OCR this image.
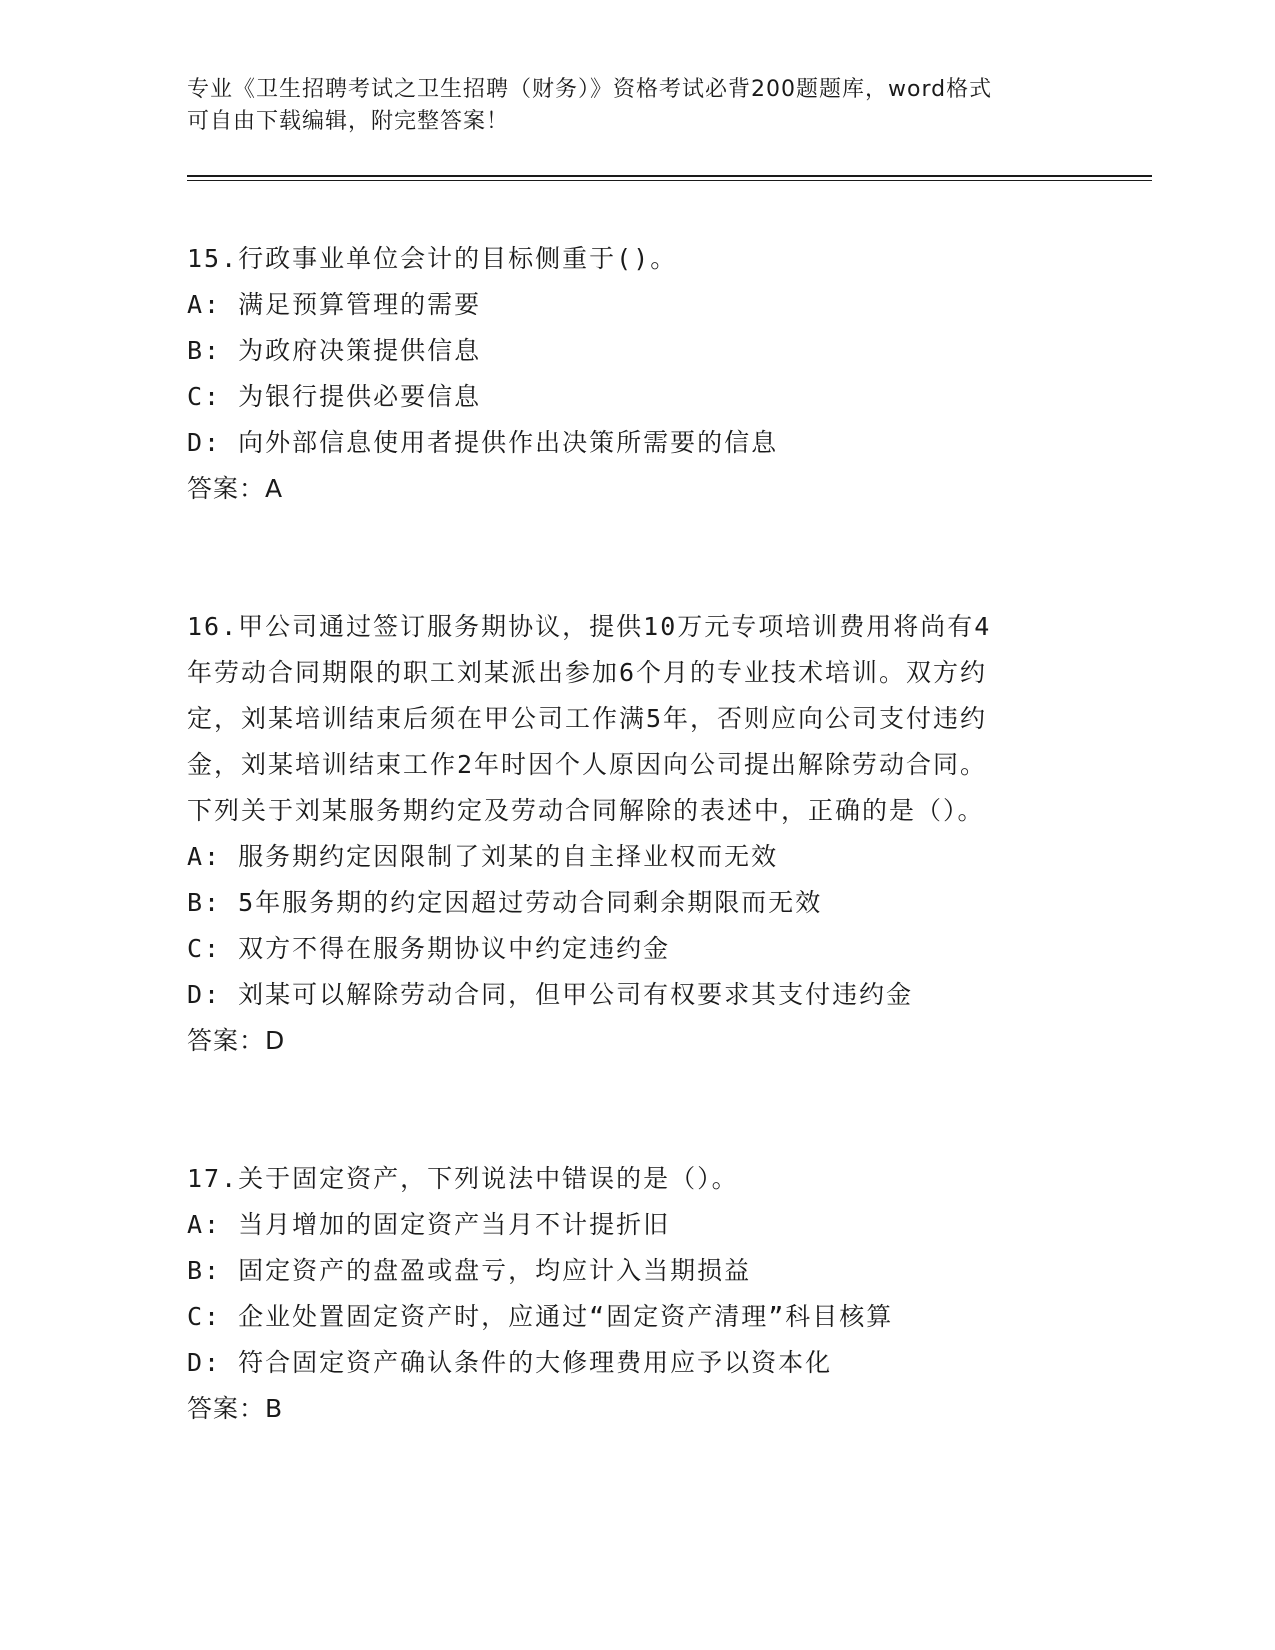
专业《卫生招聘考试之卫生招聘（财务）》资格考试必背200题题库，word格式
可自由下载编辑，附完整答案！
15.行政事业单位会计的目标侧重于()。
A: 满足预算管理的需要
B: 为政府决策提供信息
C: 为银行提供必要信息
D: 向外部信息使用者提供作出决策所需要的信息
答案：A
16.甲公司通过签订服务期协议，提供10万元专项培训费用将尚有4
年劳动合同期限的职工刘某派出参加6个月的专业技术培训。双方约
定，刘某培训结束后须在甲公司工作满5年，否则应向公司支付违约
金，刘某培训结束工作2年时因个人原因向公司提出解除劳动合同。
下列关于刘某服务期约定及劳动合同解除的表述中，正确的是（）。
A: 服务期约定因限制了刘某的自主择业权而无效
B: 5年服务期的约定因超过劳动合同剩余期限而无效
C: 双方不得在服务期协议中约定违约金
D: 刘某可以解除劳动合同，但甲公司有权要求其支付违约金
答案：D
17.关于固定资产，下列说法中错误的是（）。
A: 当月增加的固定资产当月不计提折旧
B: 固定资产的盘盈或盘亏，均应计入当期损益
C: 企业处置固定资产时，应通过“固定资产清理”科目核算
D: 符合固定资产确认条件的大修理费用应予以资本化
答案：B
